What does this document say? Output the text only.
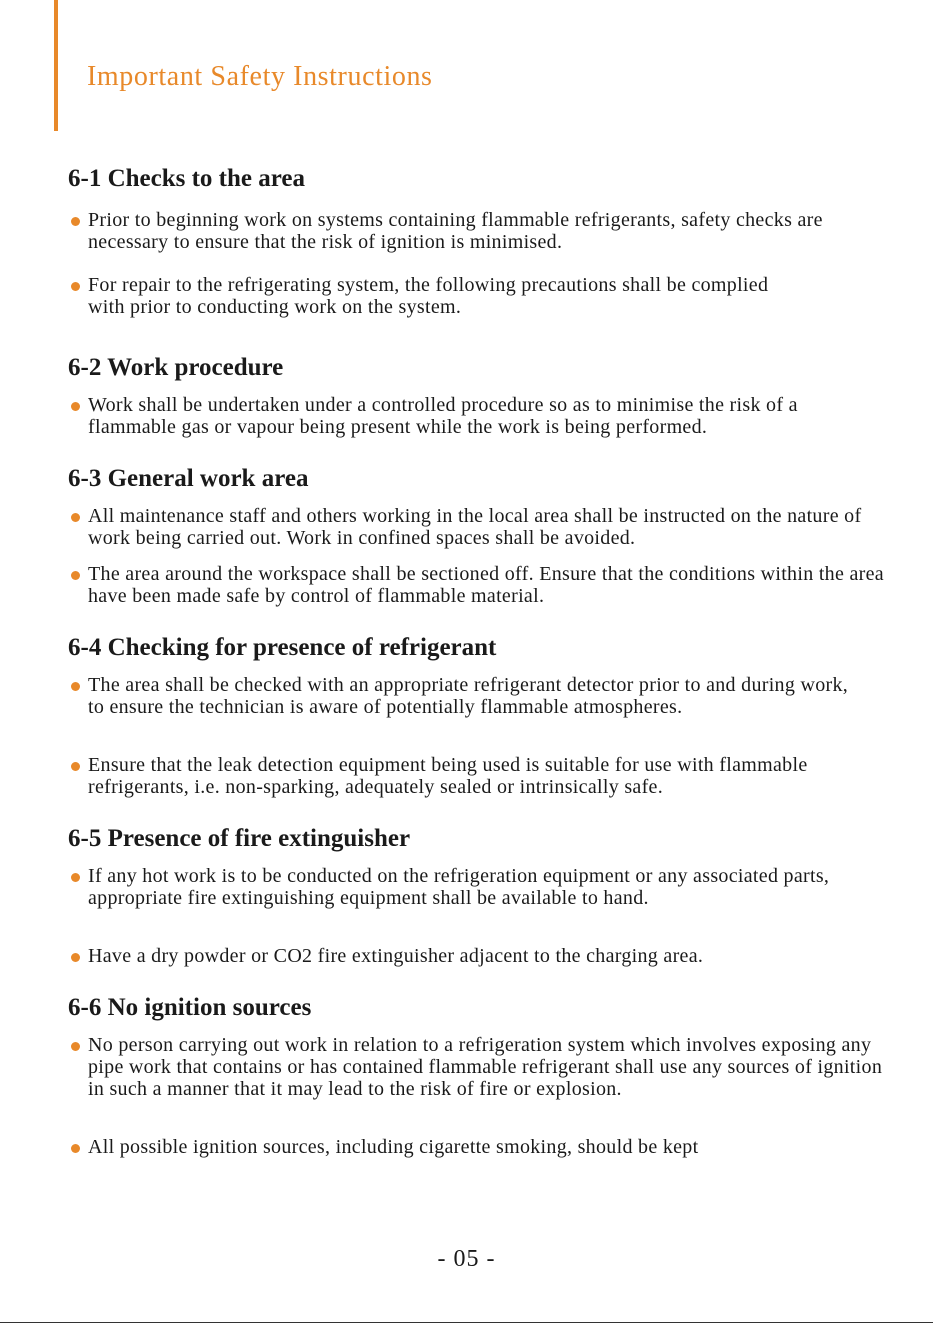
Important Safety Instructions
6-1 Checks to the area
Prior to beginning work on systems containing flammable refrigerants, safety checks are necessary to ensure that the risk of ignition is minimised.
For repair to the refrigerating system, the following precautions shall be complied with prior to conducting work on the system.
6-2 Work procedure
Work shall be undertaken under a controlled procedure so as to minimise the risk of a flammable gas or vapour being present while the work is being performed.
6-3 General work area
All maintenance staff and others working in the local area shall be instructed on the nature of work being carried out. Work in confined spaces shall be avoided.
The area around the workspace shall be sectioned off. Ensure that the conditions within the area have been made safe by control of flammable material.
6-4 Checking for presence of refrigerant
The area shall be checked with an appropriate refrigerant detector prior to and during work, to ensure the technician is aware of potentially flammable atmospheres.
Ensure that the leak detection equipment being used is suitable for use with flammable refrigerants, i.e. non-sparking, adequately sealed or intrinsically safe.
6-5 Presence of fire extinguisher
If any hot work is to be conducted on the refrigeration equipment or any associated parts, appropriate fire extinguishing equipment shall be available to hand.
Have a dry powder or CO2 fire extinguisher adjacent to the charging area.
6-6 No ignition sources
No person carrying out work in relation to a refrigeration system which involves exposing any pipe work that contains or has contained flammable refrigerant shall use any sources of ignition in such a manner that it may lead to the risk of fire or explosion.
All possible ignition sources, including cigarette smoking, should be kept
- 05 -
